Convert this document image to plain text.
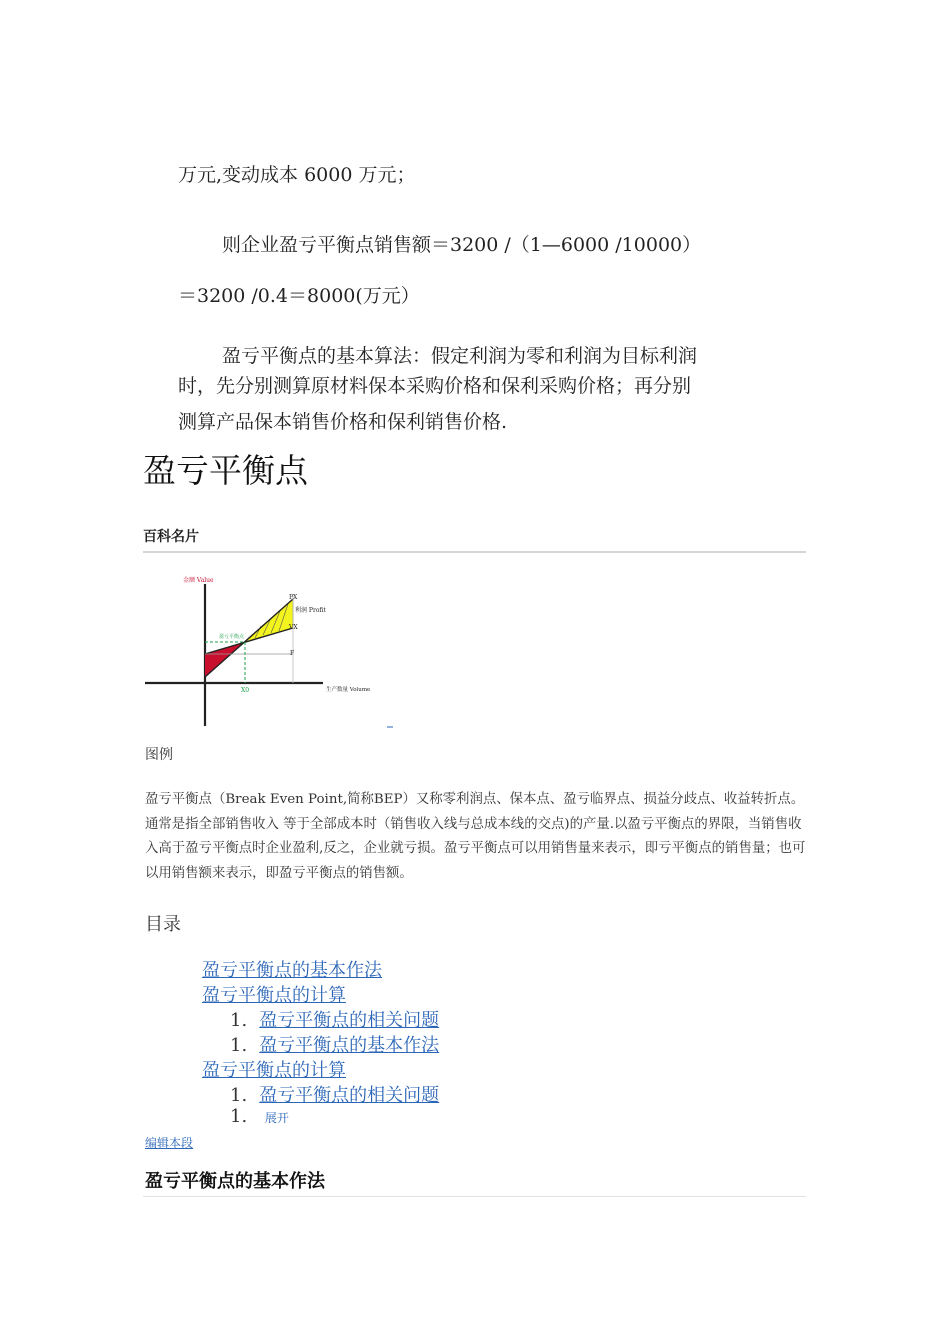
万元,变动成本 6000 万元；
则企业盈亏平衡点销售额＝3200 /（1—6000 /10000）
＝3200 /0.4＝8000(万元）
盈亏平衡点的基本算法：假定利润为零和利润为目标利润
时，先分别测算原材料保本采购价格和保利采购价格；再分别
测算产品保本销售价格和保利销售价格.
盈亏平衡点
百科名片
金额 Value
PX
利润 Profit
VX
F
盈亏平衡点
X0	生产数量 Volume
图例
盈亏平衡点（Break Even Point,简称BEP）又称零利润点、保本点、盈亏临界点、损益分歧点、收益转折点。通常是指全部销售收入 等于全部成本时（销售收入线与总成本线的交点)的产量.以盈亏平衡点的界限，当销售收入高于盈亏平衡点时企业盈利,反之，企业就亏损。盈亏平衡点可以用销售量来表示，即亏平衡点的销售量；也可以用销售额来表示，即盈亏平衡点的销售额。
目录
盈亏平衡点的基本作法
盈亏平衡点的计算
1. 盈亏平衡点的相关问题
1. 盈亏平衡点的基本作法
盈亏平衡点的计算
1. 盈亏平衡点的相关问题
1. 展开
编辑本段
盈亏平衡点的基本作法
